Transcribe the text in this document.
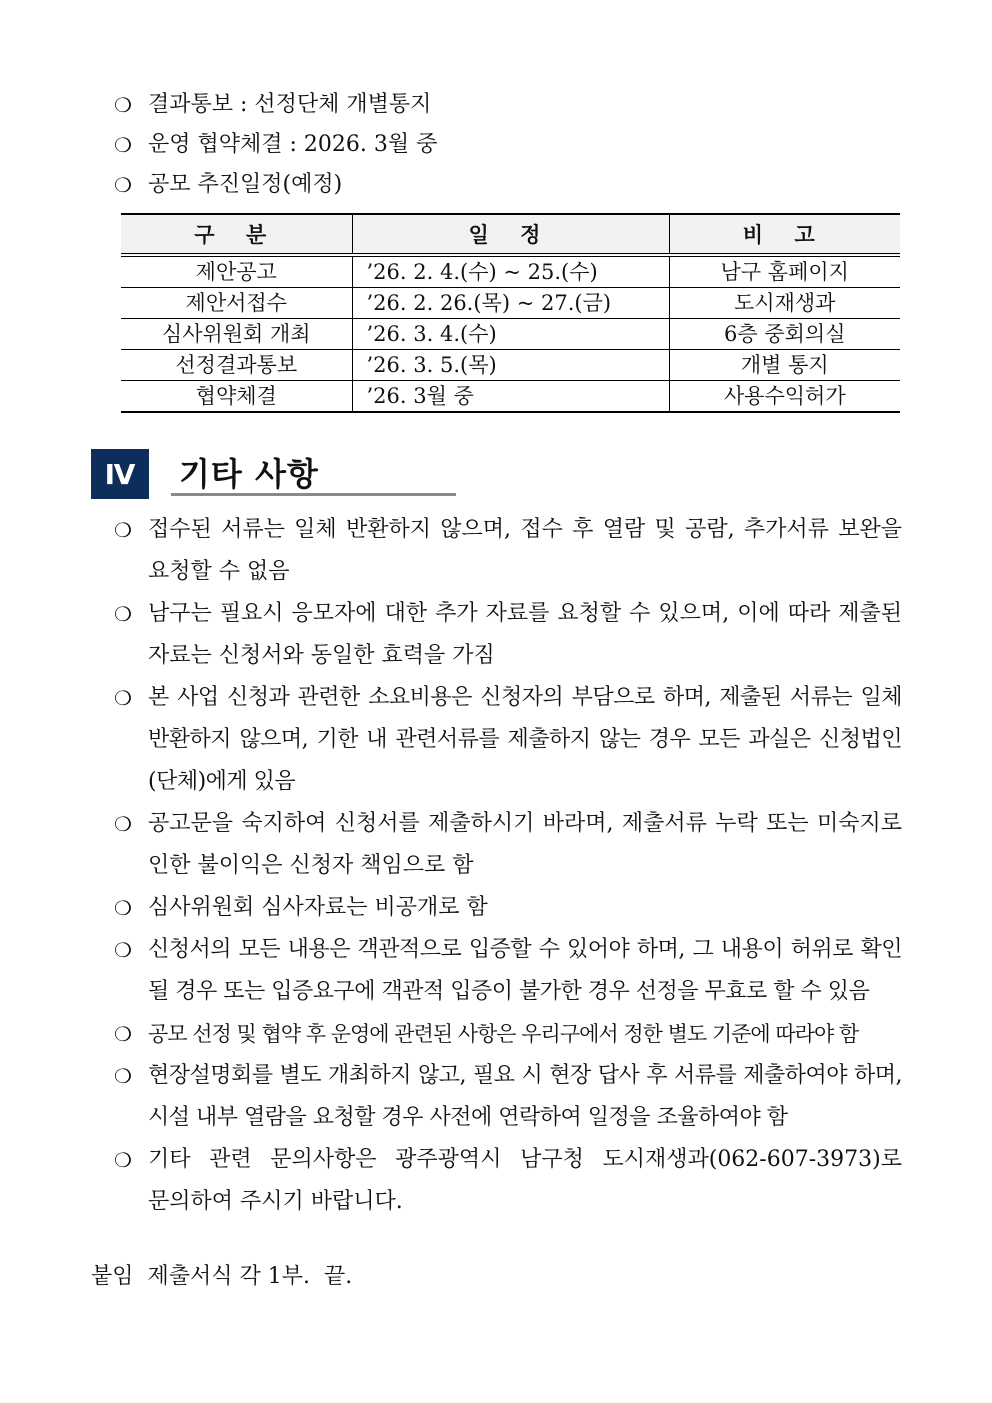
❍ 결과통보 : 선정단체 개별통지
❍ 운영 협약체결 : 2026. 3월 중
❍ 공모 추진일정(예정)
구 분	일 정	비 고
제안공고	’26. 2. 4.(수) ~ 25.(수)	남구 홈페이지
제안서접수	’26. 2. 26.(목) ~ 27.(금)	도시재생과
심사위원회 개최	’26. 3. 4.(수)	6층 중회의실
선정결과통보	’26. 3. 5.(목)	개별 통지
협약체결	’26. 3월 중	사용수익허가
Ⅳ	기타 사항
❍ 접수된 서류는 일체 반환하지 않으며, 접수 후 열람 및 공람, 추가서류 보완을 요청할 수 없음
❍ 남구는 필요시 응모자에 대한 추가 자료를 요청할 수 있으며, 이에 따라 제출된 자료는 신청서와 동일한 효력을 가짐
❍ 본 사업 신청과 관련한 소요비용은 신청자의 부담으로 하며, 제출된 서류는 일체 반환하지 않으며, 기한 내 관련서류를 제출하지 않는 경우 모든 과실은 신청법인(단체)에게 있음
❍ 공고문을 숙지하여 신청서를 제출하시기 바라며, 제출서류 누락 또는 미숙지로 인한 불이익은 신청자 책임으로 함
❍ 심사위원회 심사자료는 비공개로 함
❍ 신청서의 모든 내용은 객관적으로 입증할 수 있어야 하며, 그 내용이 허위로 확인 될 경우 또는 입증요구에 객관적 입증이 불가한 경우 선정을 무효로 할 수 있음
❍ 공모 선정 및 협약 후 운영에 관련된 사항은 우리구에서 정한 별도 기준에 따라야 함
❍ 현장설명회를 별도 개최하지 않고, 필요 시 현장 답사 후 서류를 제출하여야 하며, 시설 내부 열람을 요청할 경우 사전에 연락하여 일정을 조율하여야 함
❍ 기타 관련 문의사항은 광주광역시 남구청 도시재생과(062-607-3973)로 문의하여 주시기 바랍니다.
붙임  제출서식 각 1부.  끝.
